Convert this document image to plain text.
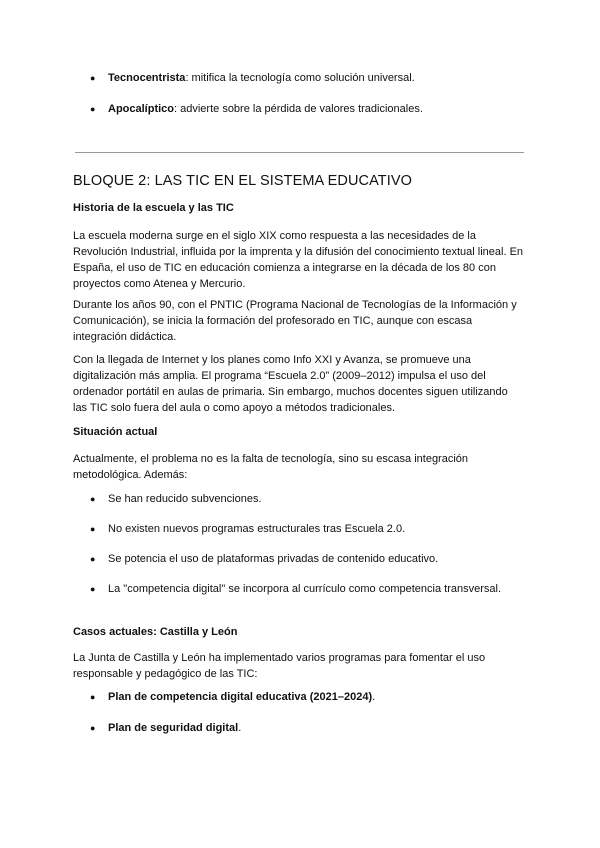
● Tecnocentrista: mitifica la tecnología como solución universal.
● Apocalíptico: advierte sobre la pérdida de valores tradicionales.
BLOQUE 2: LAS TIC EN EL SISTEMA EDUCATIVO
Historia de la escuela y las TIC

La escuela moderna surge en el siglo XIX como respuesta a las necesidades de la

Revolución Industrial, influida por la imprenta y la difusión del conocimiento textual lineal. En

España, el uso de TIC en educación comienza a integrarse en la década de los 80 con

proyectos como Atenea y Mercurio.

Durante los años 90, con el PNTIC (Programa Nacional de Tecnologías de la Información y

Comunicación), se inicia la formación del profesorado en TIC, aunque con escasa

integración didáctica.

Con la llegada de Internet y los planes como Info XXI y Avanza, se promueve una

digitalización más amplia. El programa “Escuela 2.0” (2009–2012) impulsa el uso del

ordenador portátil en aulas de primaria. Sin embargo, muchos docentes siguen utilizando

las TIC solo fuera del aula o como apoyo a métodos tradicionales.

Situación actual

Actualmente, el problema no es la falta de tecnología, sino su escasa integración

metodológica. Además:

● Se han reducido subvenciones.
● No existen nuevos programas estructurales tras Escuela 2.0.
● Se potencia el uso de plataformas privadas de contenido educativo.
● La "competencia digital" se incorpora al currículo como competencia transversal.
Casos actuales: Castilla y León

La Junta de Castilla y León ha implementado varios programas para fomentar el uso

responsable y pedagógico de las TIC:

● Plan de competencia digital educativa (2021–2024).
● Plan de seguridad digital.
